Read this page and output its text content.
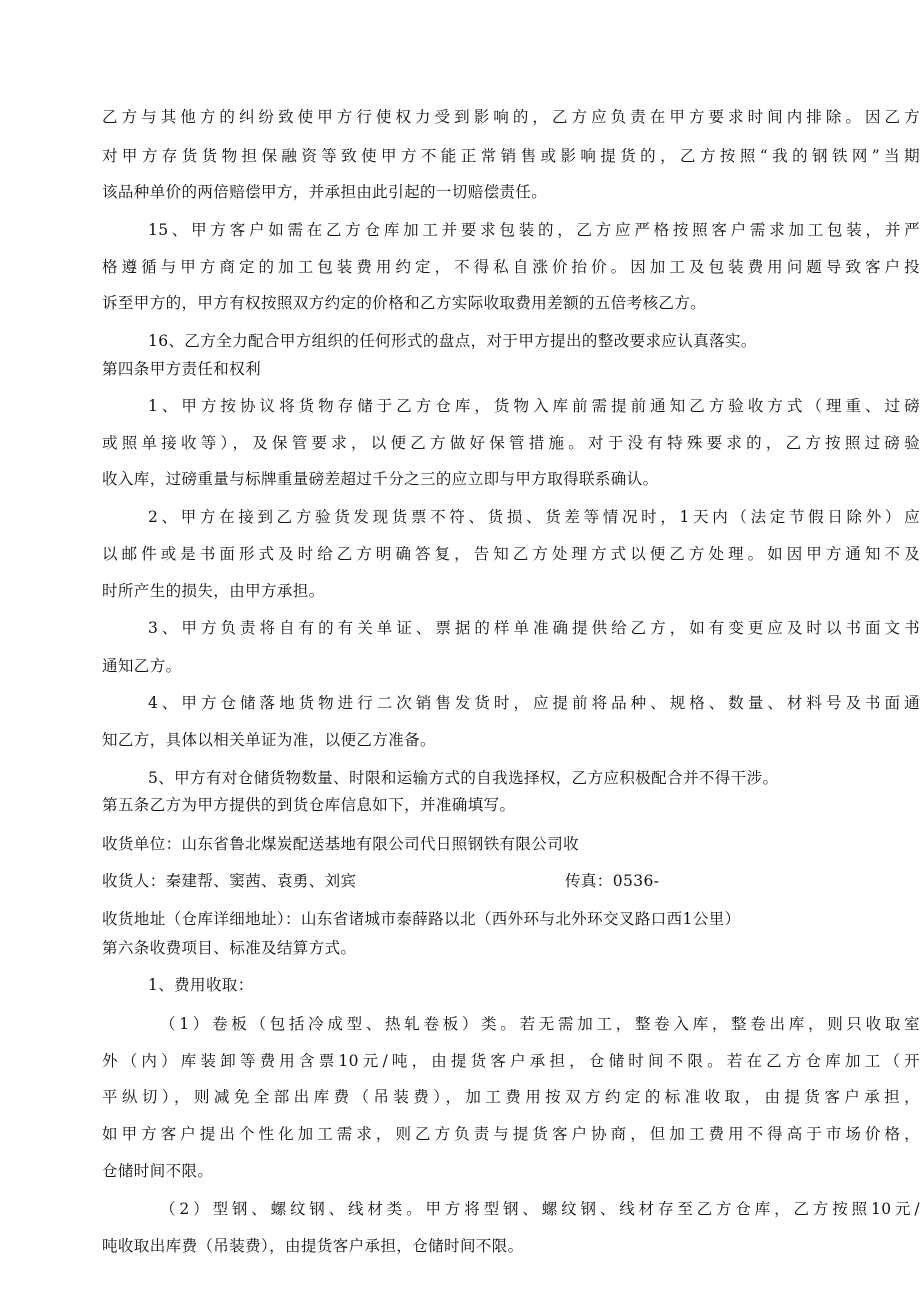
乙方与其他方的纠纷致使甲方行使权力受到影响的，乙方应负责在甲方要求时间内排除。因乙方
对甲方存货货物担保融资等致使甲方不能正常销售或影响提货的，乙方按照“我的钢铁网”当期
该品种单价的两倍赔偿甲方，并承担由此引起的一切赔偿责任。
15、甲方客户如需在乙方仓库加工并要求包装的，乙方应严格按照客户需求加工包装，并严
格遵循与甲方商定的加工包装费用约定，不得私自涨价抬价。因加工及包装费用问题导致客户投
诉至甲方的，甲方有权按照双方约定的价格和乙方实际收取费用差额的五倍考核乙方。
16、乙方全力配合甲方组织的任何形式的盘点，对于甲方提出的整改要求应认真落实。
第四条甲方责任和权利
1、甲方按协议将货物存储于乙方仓库，货物入库前需提前通知乙方验收方式（理重、过磅
或照单接收等），及保管要求，以便乙方做好保管措施。对于没有特殊要求的，乙方按照过磅验
收入库，过磅重量与标牌重量磅差超过千分之三的应立即与甲方取得联系确认。
2、甲方在接到乙方验货发现货票不符、货损、货差等情况时，1天内（法定节假日除外）应
以邮件或是书面形式及时给乙方明确答复，告知乙方处理方式以便乙方处理。如因甲方通知不及
时所产生的损失，由甲方承担。
3、甲方负责将自有的有关单证、票据的样单准确提供给乙方，如有变更应及时以书面文书
通知乙方。
4、甲方仓储落地货物进行二次销售发货时，应提前将品种、规格、数量、材料号及书面通
知乙方，具体以相关单证为准，以便乙方准备。
5、甲方有对仓储货物数量、时限和运输方式的自我选择权，乙方应积极配合并不得干涉。
第五条乙方为甲方提供的到货仓库信息如下，并准确填写。
收货单位：山东省鲁北煤炭配送基地有限公司代日照钢铁有限公司收
收货人：秦建帮、窦茜、袁勇、刘宾	传真：0536-
收货地址（仓库详细地址）：山东省诸城市泰薛路以北（西外环与北外环交叉路口西1公里）
第六条收费项目、标准及结算方式。
1、费用收取：
（1）卷板（包括冷成型、热轧卷板）类。若无需加工，整卷入库，整卷出库，则只收取室
外（内）库装卸等费用含票10元/吨，由提货客户承担，仓储时间不限。若在乙方仓库加工（开
平纵切），则减免全部出库费（吊装费），加工费用按双方约定的标准收取，由提货客户承担，
如甲方客户提出个性化加工需求，则乙方负责与提货客户协商，但加工费用不得高于市场价格，
仓储时间不限。
（2）型钢、螺纹钢、线材类。甲方将型钢、螺纹钢、线材存至乙方仓库，乙方按照10元/
吨收取出库费（吊装费），由提货客户承担，仓储时间不限。
